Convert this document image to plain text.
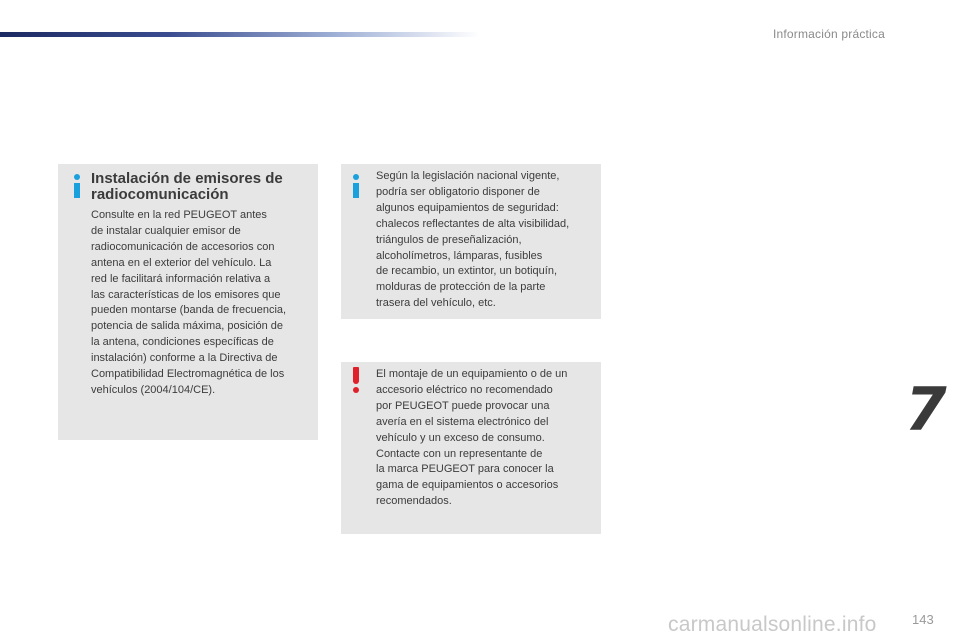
Información práctica
Instalación de emisores de
radiocomunicación
Consulte en la red PEUGEOT antes
de instalar cualquier emisor de
radiocomunicación de accesorios con
antena en el exterior del vehículo. La
red le facilitará información relativa a
las características de los emisores que
pueden montarse (banda de frecuencia,
potencia de salida máxima, posición de
la antena, condiciones específicas de
instalación) conforme a la Directiva de
Compatibilidad Electromagnética de los
vehículos (2004/104/CE).
Según la legislación nacional vigente,
podría ser obligatorio disponer de
algunos equipamientos de seguridad:
chalecos reflectantes de alta visibilidad,
triángulos de preseñalización,
alcoholímetros, lámparas, fusibles
de recambio, un extintor, un botiquín,
molduras de protección de la parte
trasera del vehículo, etc.
El montaje de un equipamiento o de un
accesorio eléctrico no recomendado
por PEUGEOT puede provocar una
avería en el sistema electrónico del
vehículo y un exceso de consumo.
Contacte con un representante de
la marca PEUGEOT para conocer la
gama de equipamientos o accesorios
recomendados.
7
143
carmanualsonline.info
